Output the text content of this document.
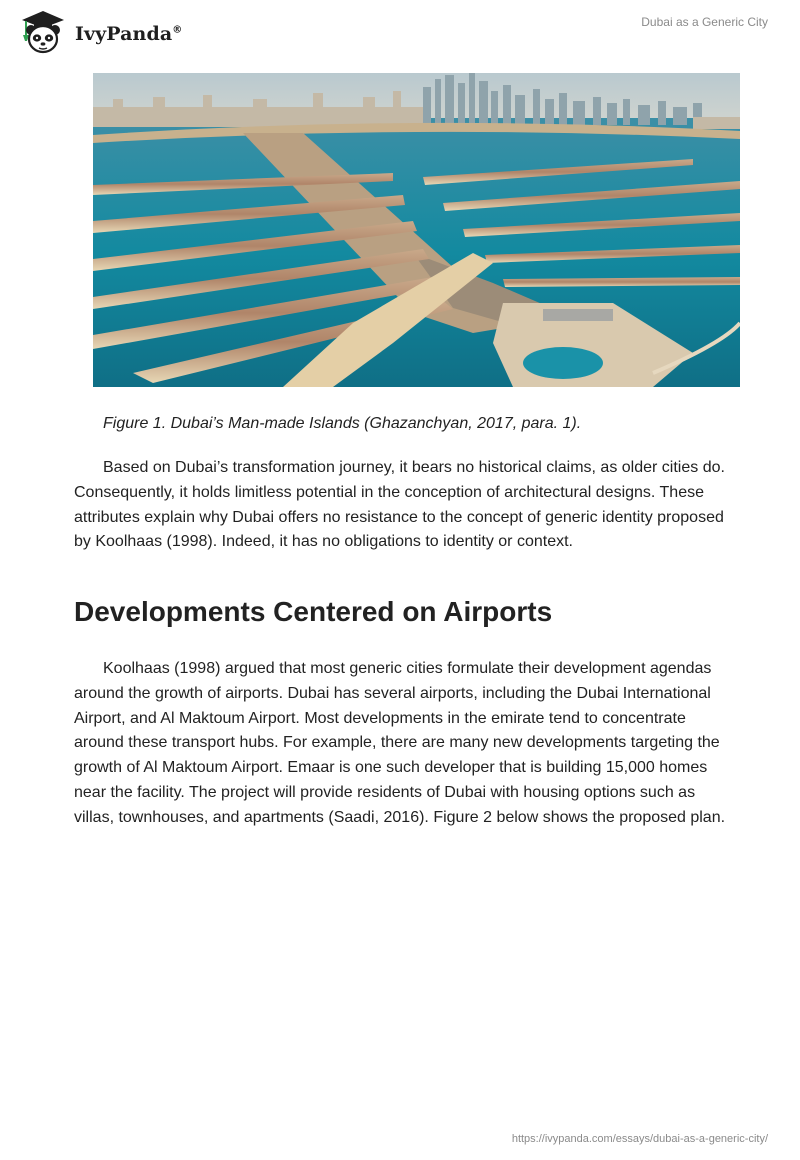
IvyPanda®
Dubai as a Generic City
Figure 1. Dubai’s Man-made Islands (Ghazanchyan, 2017, para. 1).

Based on Dubai’s transformation journey, it bears no historical claims, as older cities do. Consequently, it holds limitless potential in the conception of architectural designs. These attributes explain why Dubai offers no resistance to the concept of generic identity proposed by Koolhaas (1998). Indeed, it has no obligations to identity or context.

Developments Centered on Airports

Koolhaas (1998) argued that most generic cities formulate their development agendas around the growth of airports. Dubai has several airports, including the Dubai International Airport, and Al Maktoum Airport. Most developments in the emirate tend to concentrate around these transport hubs. For example, there are many new developments targeting the growth of Al Maktoum Airport. Emaar is one such developer that is building 15,000 homes near the facility. The project will provide residents of Dubai with housing options such as villas, townhouses, and apartments (Saadi, 2016). Figure 2 below shows the proposed plan.

https://ivypanda.com/essays/dubai-as-a-generic-city/
